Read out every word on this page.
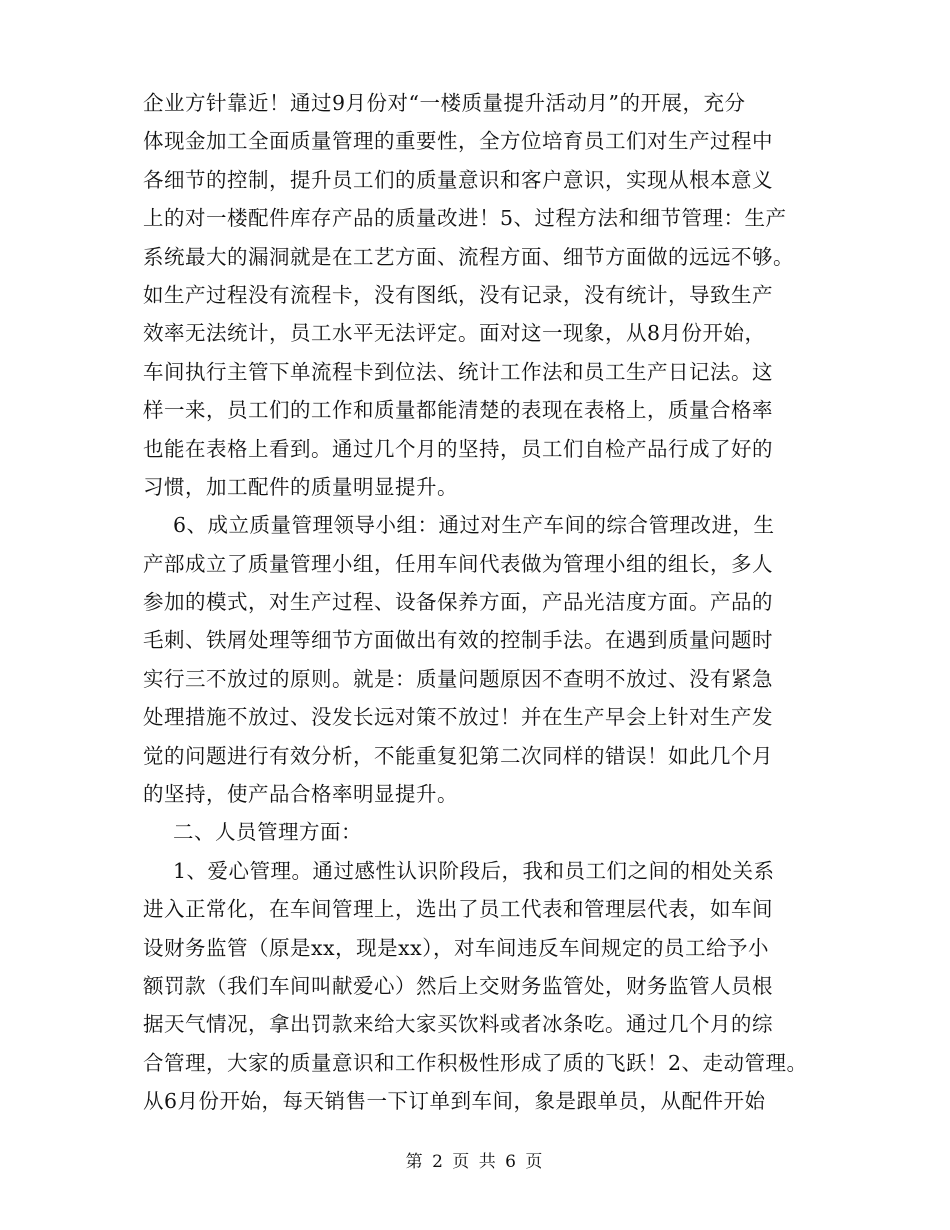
企业方针靠近！通过9月份对“一楼质量提升活动月”的开展，充分
体现金加工全面质量管理的重要性，全方位培育员工们对生产过程中
各细节的控制，提升员工们的质量意识和客户意识，实现从根本意义
上的对一楼配件库存产品的质量改进！5、过程方法和细节管理：生产
系统最大的漏洞就是在工艺方面、流程方面、细节方面做的远远不够。
如生产过程没有流程卡，没有图纸，没有记录，没有统计，导致生产
效率无法统计，员工水平无法评定。面对这一现象，从8月份开始，
车间执行主管下单流程卡到位法、统计工作法和员工生产日记法。这
样一来，员工们的工作和质量都能清楚的表现在表格上，质量合格率
也能在表格上看到。通过几个月的坚持，员工们自检产品行成了好的
习惯，加工配件的质量明显提升。
6、成立质量管理领导小组：通过对生产车间的综合管理改进，生
产部成立了质量管理小组，任用车间代表做为管理小组的组长，多人
参加的模式，对生产过程、设备保养方面，产品光洁度方面。产品的
毛刺、铁屑处理等细节方面做出有效的控制手法。在遇到质量问题时
实行三不放过的原则。就是：质量问题原因不查明不放过、没有紧急
处理措施不放过、没发长远对策不放过！并在生产早会上针对生产发
觉的问题进行有效分析，不能重复犯第二次同样的错误！如此几个月
的坚持，使产品合格率明显提升。
二、人员管理方面：
1、爱心管理。通过感性认识阶段后，我和员工们之间的相处关系
进入正常化，在车间管理上，选出了员工代表和管理层代表，如车间
设财务监管（原是xx，现是xx），对车间违反车间规定的员工给予小
额罚款（我们车间叫献爱心）然后上交财务监管处，财务监管人员根
据天气情况，拿出罚款来给大家买饮料或者冰条吃。通过几个月的综
合管理，大家的质量意识和工作积极性形成了质的飞跃！2、走动管理。
从6月份开始，每天销售一下订单到车间，象是跟单员，从配件开始
第 2 页 共 6 页
